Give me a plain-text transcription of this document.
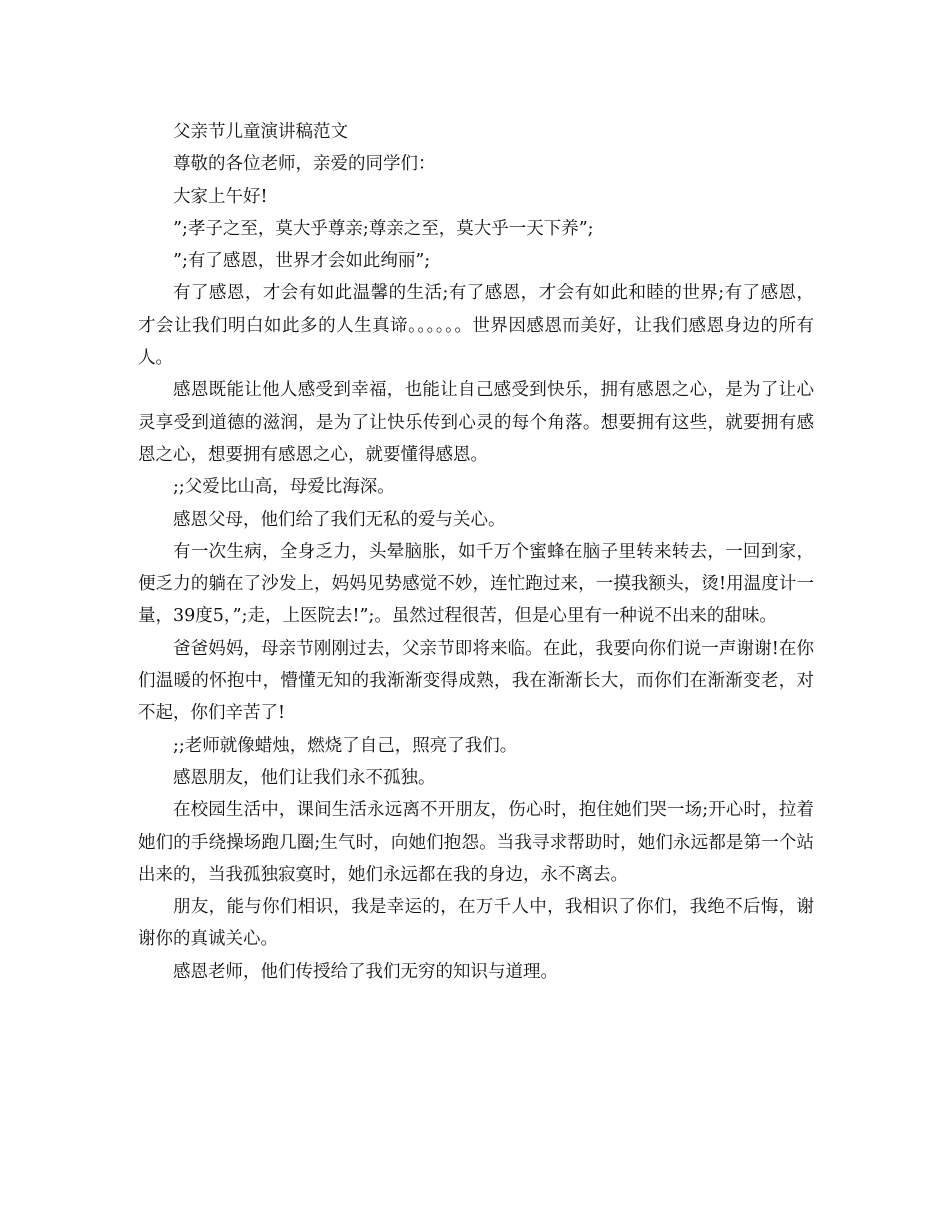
父亲节儿童演讲稿范文

尊敬的各位老师，亲爱的同学们：

大家上午好!

”;孝子之至，莫大乎尊亲;尊亲之至，莫大乎一天下养”;

”;有了感恩，世界才会如此绚丽”;

有了感恩，才会有如此温馨的生活;有了感恩，才会有如此和睦的世界;有了感恩，才会让我们明白如此多的人生真谛。。。。。。世界因感恩而美好，让我们感恩身边的所有人。

感恩既能让他人感受到幸福，也能让自己感受到快乐，拥有感恩之心，是为了让心灵享受到道德的滋润，是为了让快乐传到心灵的每个角落。想要拥有这些，就要拥有感恩之心，想要拥有感恩之心，就要懂得感恩。

;;父爱比山高，母爱比海深。

感恩父母，他们给了我们无私的爱与关心。

有一次生病，全身乏力，头晕脑胀，如千万个蜜蜂在脑子里转来转去，一回到家，便乏力的躺在了沙发上，妈妈见势感觉不妙，连忙跑过来，一摸我额头，烫!用温度计一量，39度5，”;走，上医院去!”;。虽然过程很苦，但是心里有一种说不出来的甜味。

爸爸妈妈，母亲节刚刚过去，父亲节即将来临。在此，我要向你们说一声谢谢!在你们温暖的怀抱中，懵懂无知的我渐渐变得成熟，我在渐渐长大，而你们在渐渐变老，对不起，你们辛苦了!

;;老师就像蜡烛，燃烧了自己，照亮了我们。

感恩朋友，他们让我们永不孤独。

在校园生活中，课间生活永远离不开朋友，伤心时，抱住她们哭一场;开心时，拉着她们的手绕操场跑几圈;生气时，向她们抱怨。当我寻求帮助时，她们永远都是第一个站出来的，当我孤独寂寞时，她们永远都在我的身边，永不离去。

朋友，能与你们相识，我是幸运的，在万千人中，我相识了你们，我绝不后悔，谢谢你的真诚关心。

感恩老师，他们传授给了我们无穷的知识与道理。
